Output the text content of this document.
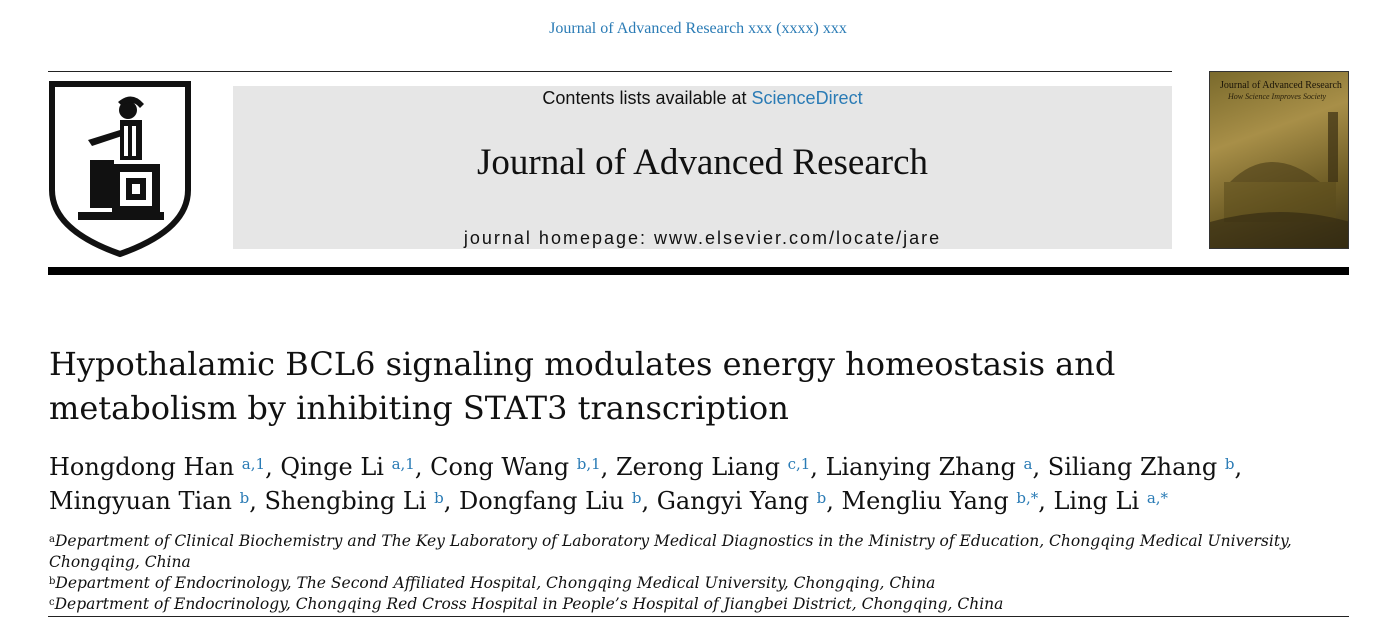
Journal of Advanced Research xxx (xxxx) xxx
Contents lists available at ScienceDirect
Journal of Advanced Research
journal homepage: www.elsevier.com/locate/jare
Journal of Advanced Research
How Science Improves Society
Hypothalamic BCL6 signaling modulates energy homeostasis and
metabolism by inhibiting STAT3 transcription
Hongdong Han $^{a,1}$, Qinge Li $^{a,1}$, Cong Wang $^{b,1}$, Zerong Liang $^{c,1}$, Lianying Zhang $^a$, Siliang Zhang $^b$,
Mingyuan Tian $^b$, Shengbing Li $^b$, Dongfang Liu $^b$, Gangyi Yang $^b$, Mengliu Yang $^{b,*}$, Ling Li $^{a,*}$
$^a$Department of Clinical Biochemistry and The Key Laboratory of Laboratory Medical Diagnostics in the Ministry of Education, Chongqing Medical University, Chongqing, China
$^b$Department of Endocrinology, The Second Affiliated Hospital, Chongqing Medical University, Chongqing, China
$^c$Department of Endocrinology, Chongqing Red Cross Hospital in People’s Hospital of Jiangbei District, Chongqing, China
